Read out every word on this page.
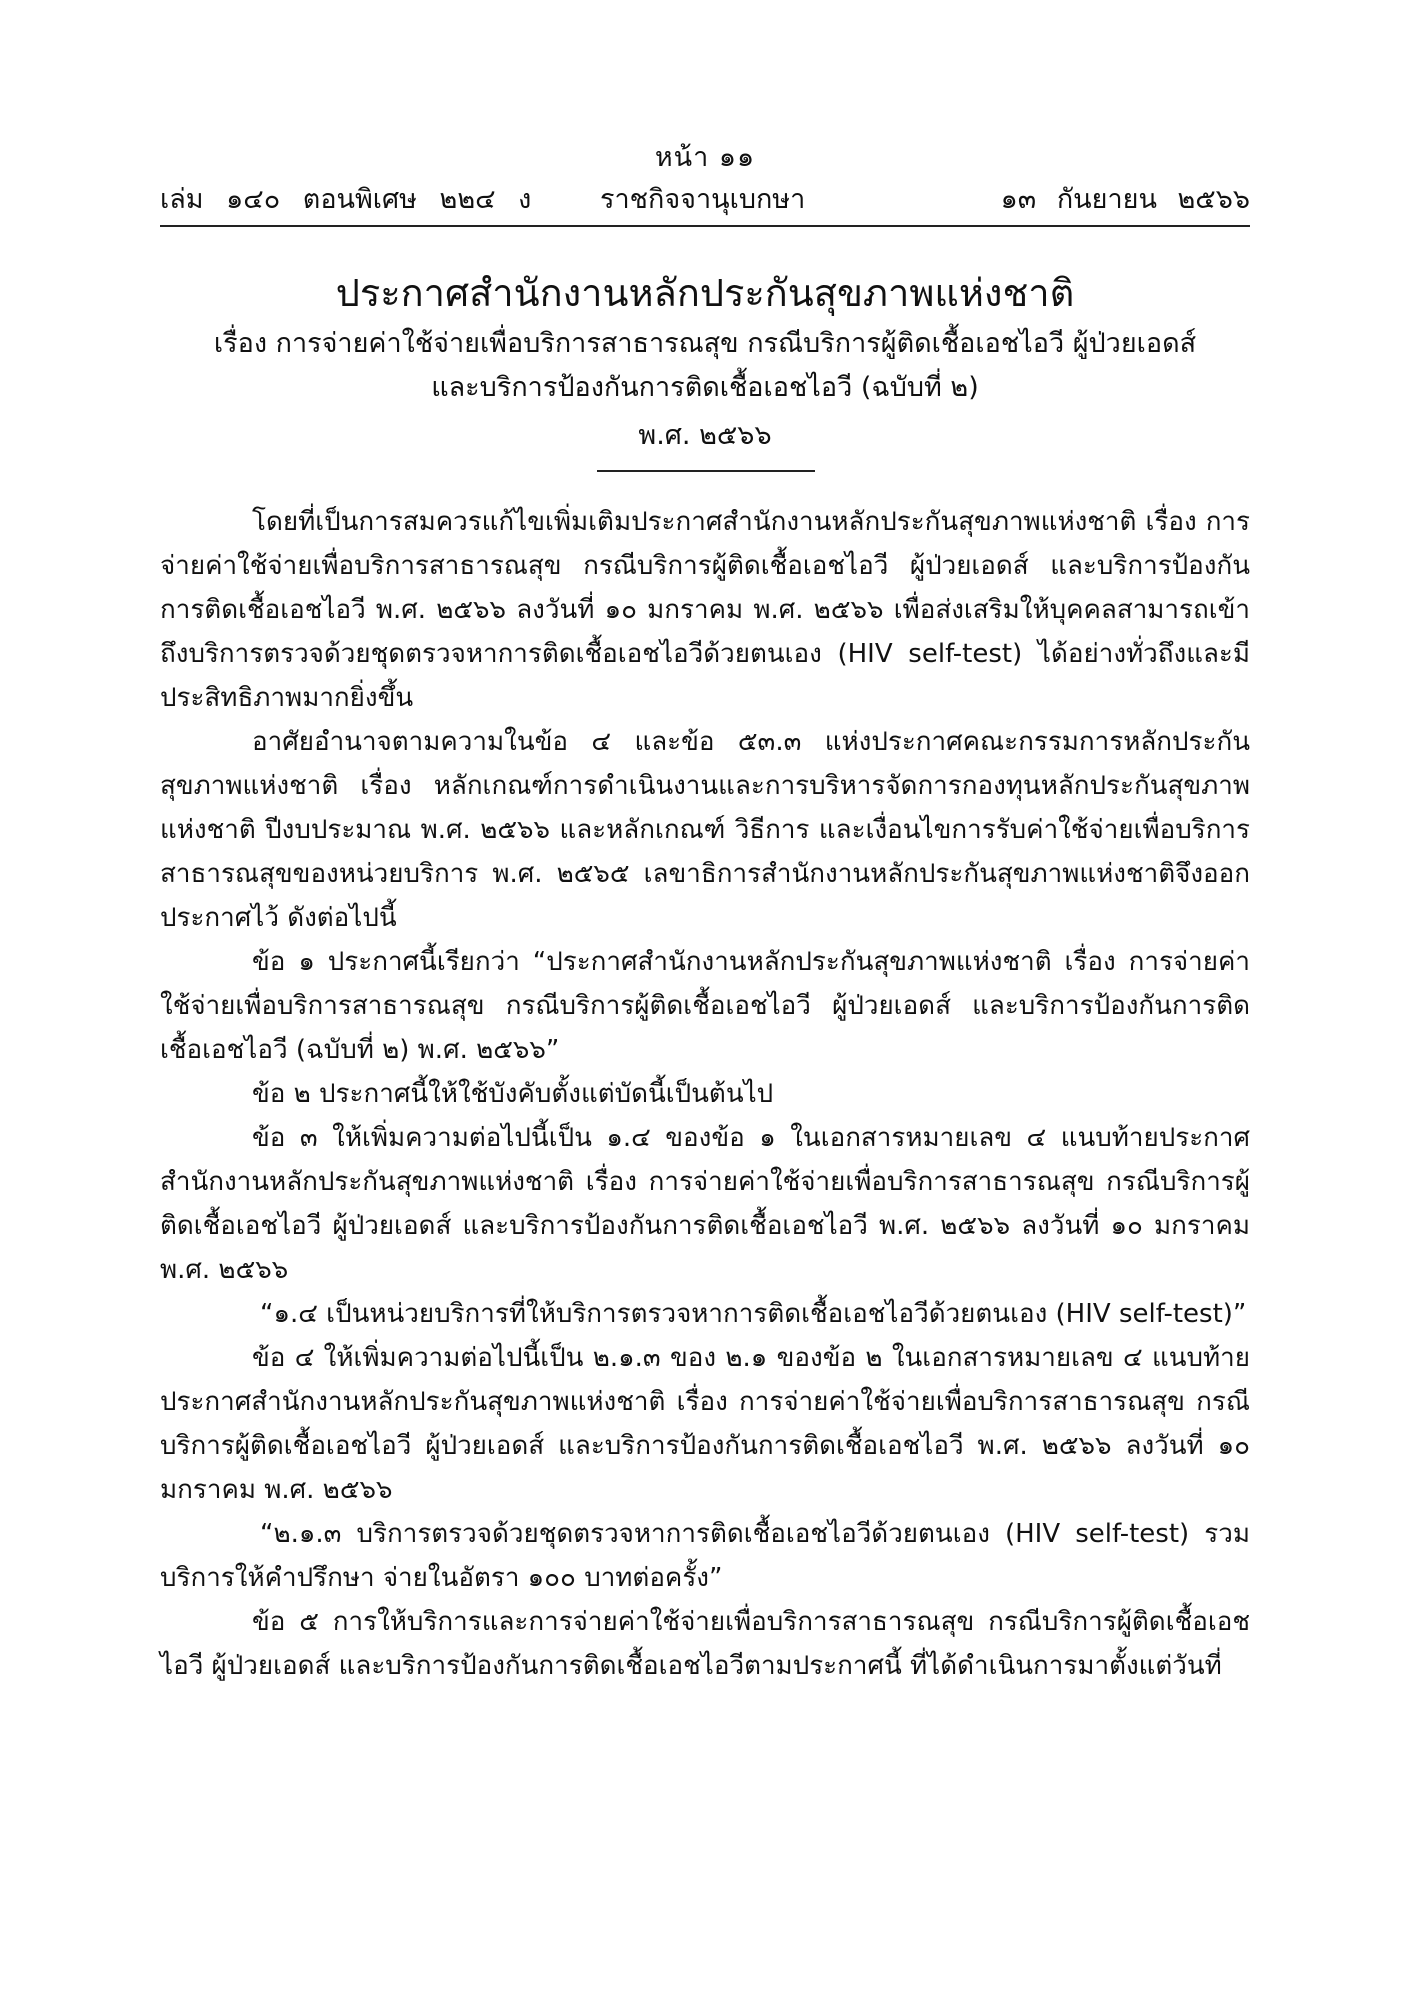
หน้า ๑๑
เล่ม ๑๔๐ ตอนพิเศษ ๒๒๔ ง	ราชกิจจานุเบกษา	๑๓ กันยายน ๒๕๖๖
ประกาศสำนักงานหลักประกันสุขภาพแห่งชาติ
เรื่อง การจ่ายค่าใช้จ่ายเพื่อบริการสาธารณสุข กรณีบริการผู้ติดเชื้อเอชไอวี ผู้ป่วยเอดส์
และบริการป้องกันการติดเชื้อเอชไอวี (ฉบับที่ ๒)
พ.ศ. ๒๕๖๖

โดยที่เป็นการสมควรแก้ไขเพิ่มเติมประกาศสำนักงานหลักประกันสุขภาพแห่งชาติ เรื่อง การจ่ายค่าใช้จ่ายเพื่อบริการสาธารณสุข กรณีบริการผู้ติดเชื้อเอชไอวี ผู้ป่วยเอดส์ และบริการป้องกันการติดเชื้อเอชไอวี พ.ศ. ๒๕๖๖ ลงวันที่ ๑๐ มกราคม พ.ศ. ๒๕๖๖ เพื่อส่งเสริมให้บุคคลสามารถเข้าถึงบริการตรวจด้วยชุดตรวจหาการติดเชื้อเอชไอวีด้วยตนเอง (HIV self-test) ได้อย่างทั่วถึงและมีประสิทธิภาพมากยิ่งขึ้น

อาศัยอำนาจตามความในข้อ ๔ และข้อ ๕๓.๓ แห่งประกาศคณะกรรมการหลักประกันสุขภาพแห่งชาติ เรื่อง หลักเกณฑ์การดำเนินงานและการบริหารจัดการกองทุนหลักประกันสุขภาพแห่งชาติ ปีงบประมาณ พ.ศ. ๒๕๖๖ และหลักเกณฑ์ วิธีการ และเงื่อนไขการรับค่าใช้จ่ายเพื่อบริการสาธารณสุขของหน่วยบริการ พ.ศ. ๒๕๖๕ เลขาธิการสำนักงานหลักประกันสุขภาพแห่งชาติจึงออกประกาศไว้ ดังต่อไปนี้

ข้อ ๑ ประกาศนี้เรียกว่า “ประกาศสำนักงานหลักประกันสุขภาพแห่งชาติ เรื่อง การจ่ายค่าใช้จ่ายเพื่อบริการสาธารณสุข กรณีบริการผู้ติดเชื้อเอชไอวี ผู้ป่วยเอดส์ และบริการป้องกันการติดเชื้อเอชไอวี (ฉบับที่ ๒) พ.ศ. ๒๕๖๖”

ข้อ ๒ ประกาศนี้ให้ใช้บังคับตั้งแต่บัดนี้เป็นต้นไป

ข้อ ๓ ให้เพิ่มความต่อไปนี้เป็น ๑.๔ ของข้อ ๑ ในเอกสารหมายเลข ๔ แนบท้ายประกาศสำนักงานหลักประกันสุขภาพแห่งชาติ เรื่อง การจ่ายค่าใช้จ่ายเพื่อบริการสาธารณสุข กรณีบริการผู้ติดเชื้อเอชไอวี ผู้ป่วยเอดส์ และบริการป้องกันการติดเชื้อเอชไอวี พ.ศ. ๒๕๖๖ ลงวันที่ ๑๐ มกราคม พ.ศ. ๒๕๖๖

“๑.๔ เป็นหน่วยบริการที่ให้บริการตรวจหาการติดเชื้อเอชไอวีด้วยตนเอง (HIV self-test)”

ข้อ ๔ ให้เพิ่มความต่อไปนี้เป็น ๒.๑.๓ ของ ๒.๑ ของข้อ ๒ ในเอกสารหมายเลข ๔ แนบท้ายประกาศสำนักงานหลักประกันสุขภาพแห่งชาติ เรื่อง การจ่ายค่าใช้จ่ายเพื่อบริการสาธารณสุข กรณีบริการผู้ติดเชื้อเอชไอวี ผู้ป่วยเอดส์ และบริการป้องกันการติดเชื้อเอชไอวี พ.ศ. ๒๕๖๖ ลงวันที่ ๑๐ มกราคม พ.ศ. ๒๕๖๖

“๒.๑.๓ บริการตรวจด้วยชุดตรวจหาการติดเชื้อเอชไอวีด้วยตนเอง (HIV self-test) รวมบริการให้คำปรึกษา จ่ายในอัตรา ๑๐๐ บาทต่อครั้ง”

ข้อ ๕ การให้บริการและการจ่ายค่าใช้จ่ายเพื่อบริการสาธารณสุข กรณีบริการผู้ติดเชื้อเอชไอวี ผู้ป่วยเอดส์ และบริการป้องกันการติดเชื้อเอชไอวีตามประกาศนี้ ที่ได้ดำเนินการมาตั้งแต่วันที่
